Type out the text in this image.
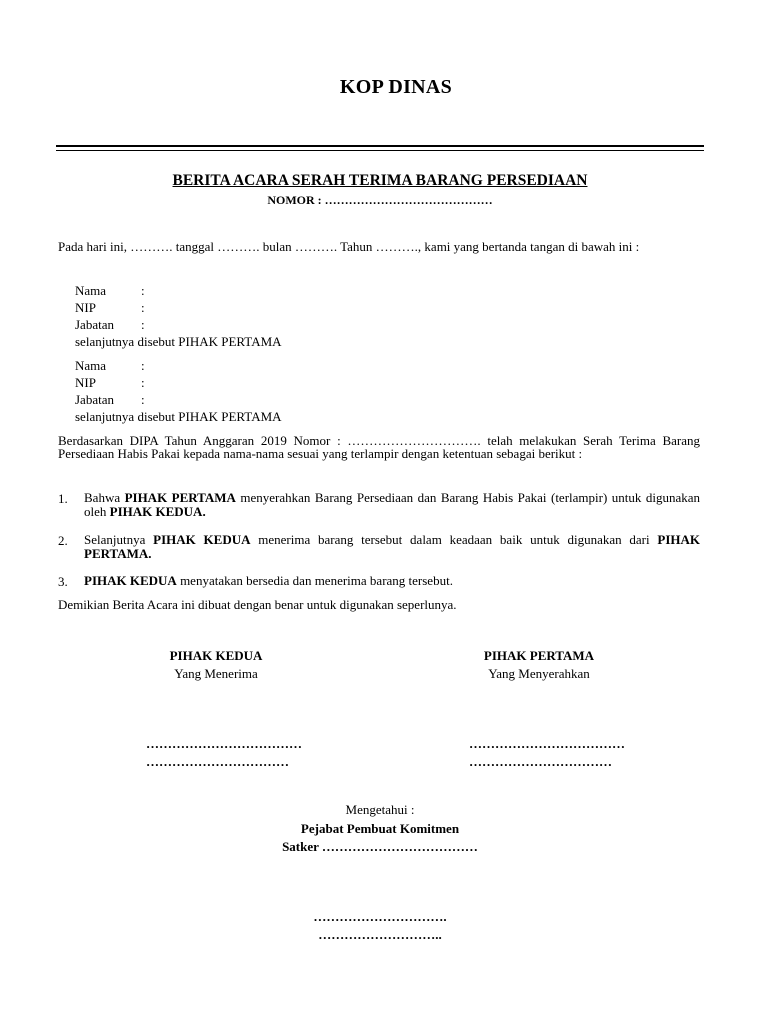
KOP DINAS
BERITA ACARA SERAH TERIMA BARANG PERSEDIAAN
NOMOR : ……………………………………
Pada hari ini, ………. tanggal ………. bulan ………. Tahun ………., kami yang bertanda tangan di bawah ini :
Nama	:
NIP	:
Jabatan :
selanjutnya disebut PIHAK PERTAMA
Nama	:
NIP	:
Jabatan :
selanjutnya disebut PIHAK PERTAMA
Berdasarkan DIPA Tahun Anggaran 2019 Nomor : …………………………. telah melakukan Serah Terima Barang Persediaan Habis Pakai kepada nama-nama sesuai yang terlampir dengan ketentuan sebagai berikut :
1. Bahwa PIHAK PERTAMA menyerahkan Barang Persediaan dan Barang Habis Pakai (terlampir) untuk digunakan oleh PIHAK KEDUA.
2. Selanjutnya PIHAK KEDUA menerima barang tersebut dalam keadaan baik untuk digunakan dari PIHAK PERTAMA.
3. PIHAK KEDUA menyatakan bersedia dan menerima barang tersebut.
Demikian Berita Acara ini dibuat dengan benar untuk digunakan seperlunya.
PIHAK KEDUA
Yang Menerima
………………………………
……………………………
PIHAK PERTAMA
Yang Menyerahkan
………………………………
……………………………
Mengetahui :
Pejabat Pembuat Komitmen
Satker ………………………………
………………………….
………………………..
